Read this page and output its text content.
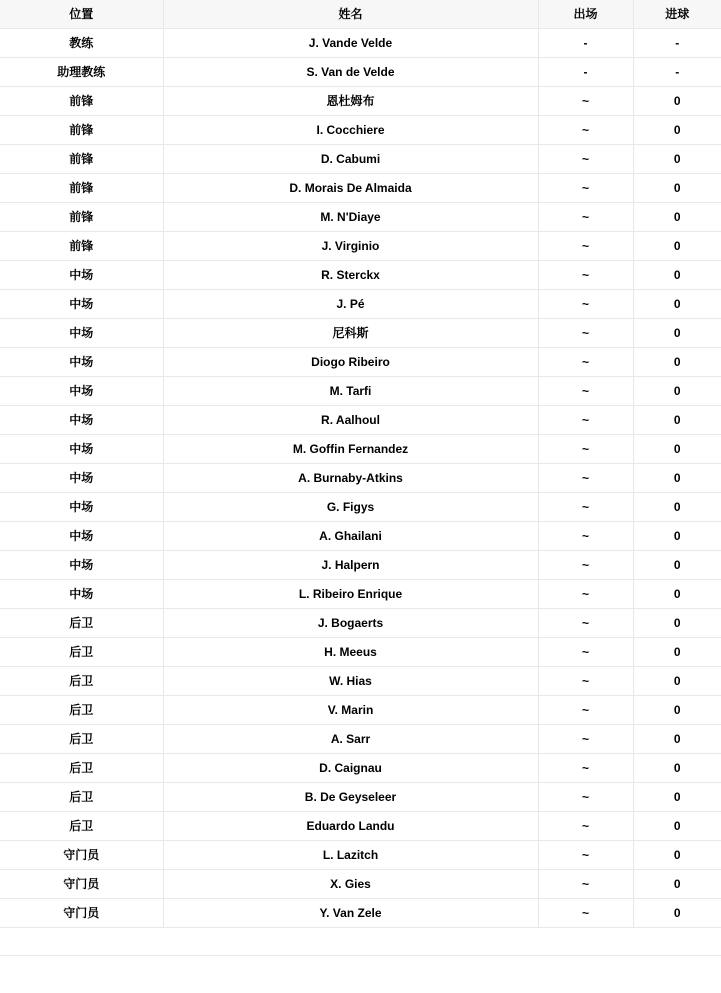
位置	姓名	出场	进球
教练	J. Vande Velde	-	-
助理教练	S. Van de Velde	-	-
前锋	恩杜姆布	~	0
前锋	I. Cocchiere	~	0
前锋	D. Cabumi	~	0
前锋	D. Morais De Almaida	~	0
前锋	M. N'Diaye	~	0
前锋	J. Virginio	~	0
中场	R. Sterckx	~	0
中场	J. Pé	~	0
中场	尼科斯	~	0
中场	Diogo Ribeiro	~	0
中场	M. Tarfi	~	0
中场	R. Aalhoul	~	0
中场	M. Goffin Fernandez	~	0
中场	A. Burnaby-Atkins	~	0
中场	G. Figys	~	0
中场	A. Ghailani	~	0
中场	J. Halpern	~	0
中场	L. Ribeiro Enrique	~	0
后卫	J. Bogaerts	~	0
后卫	H. Meeus	~	0
后卫	W. Hias	~	0
后卫	V. Marin	~	0
后卫	A. Sarr	~	0
后卫	D. Caignau	~	0
后卫	B. De Geyseleer	~	0
后卫	Eduardo Landu	~	0
守门员	L. Lazitch	~	0
守门员	X. Gies	~	0
守门员	Y. Van Zele	~	0
